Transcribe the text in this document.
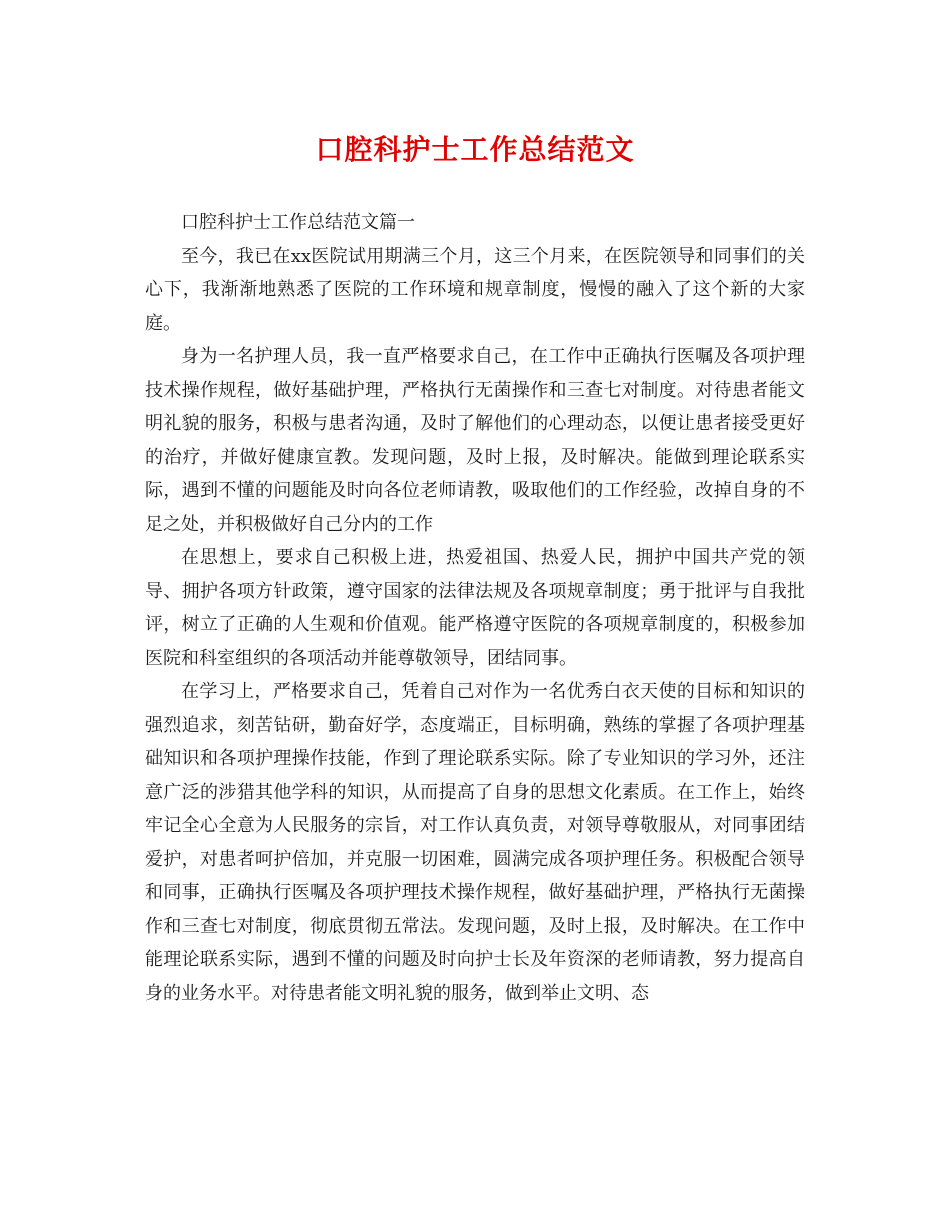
口腔科护士工作总结范文

口腔科护士工作总结范文篇一

至今，我已在xx医院试用期满三个月，这三个月来，在医院领导和同事们的关心下，我渐渐地熟悉了医院的工作环境和规章制度，慢慢的融入了这个新的大家庭。

身为一名护理人员，我一直严格要求自己，在工作中正确执行医嘱及各项护理技术操作规程，做好基础护理，严格执行无菌操作和三查七对制度。对待患者能文明礼貌的服务，积极与患者沟通，及时了解他们的心理动态，以便让患者接受更好的治疗，并做好健康宣教。发现问题，及时上报，及时解决。能做到理论联系实际，遇到不懂的问题能及时向各位老师请教，吸取他们的工作经验，改掉自身的不足之处，并积极做好自己分内的工作

在思想上，要求自己积极上进，热爱祖国、热爱人民，拥护中国共产党的领导、拥护各项方针政策，遵守国家的法律法规及各项规章制度；勇于批评与自我批评，树立了正确的人生观和价值观。能严格遵守医院的各项规章制度的，积极参加医院和科室组织的各项活动并能尊敬领导，团结同事。

在学习上，严格要求自己，凭着自己对作为一名优秀白衣天使的目标和知识的强烈追求，刻苦钻研，勤奋好学，态度端正，目标明确，熟练的掌握了各项护理基础知识和各项护理操作技能，作到了理论联系实际。除了专业知识的学习外，还注意广泛的涉猎其他学科的知识，从而提高了自身的思想文化素质。在工作上，始终牢记全心全意为人民服务的宗旨，对工作认真负责，对领导尊敬服从，对同事团结爱护，对患者呵护倍加，并克服一切困难，圆满完成各项护理任务。积极配合领导和同事，正确执行医嘱及各项护理技术操作规程，做好基础护理，严格执行无菌操作和三查七对制度，彻底贯彻五常法。发现问题，及时上报，及时解决。在工作中能理论联系实际，遇到不懂的问题及时向护士长及年资深的老师请教，努力提高自身的业务水平。对待患者能文明礼貌的服务，做到举止文明、态
